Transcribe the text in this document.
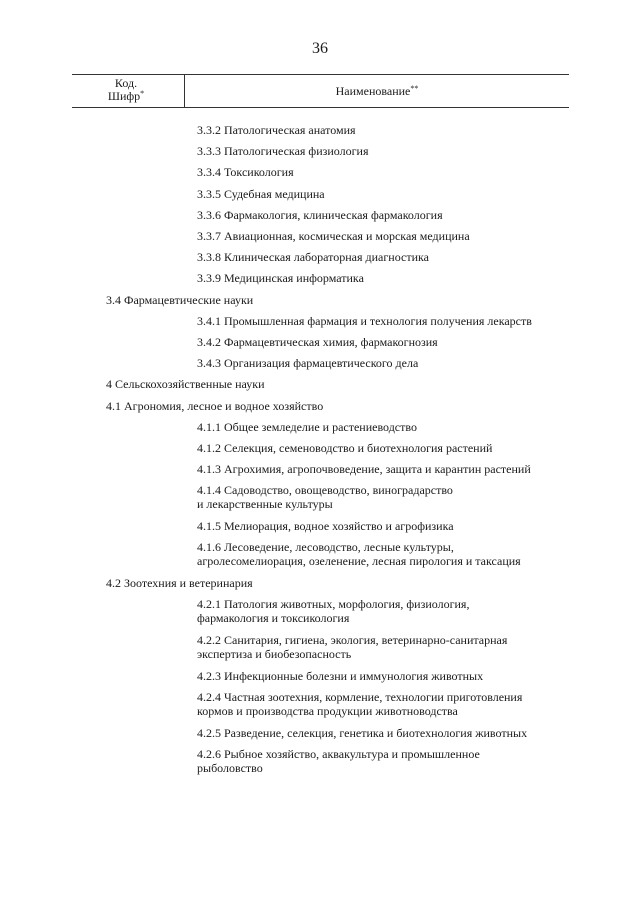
36
Код.
Шифр*	Наименование**
3.3.2 Патологическая анатомия
3.3.3 Патологическая физиология
3.3.4 Токсикология
3.3.5 Судебная медицина
3.3.6 Фармакология, клиническая фармакология
3.3.7 Авиационная, космическая и морская медицина
3.3.8 Клиническая лабораторная диагностика
3.3.9 Медицинская информатика
3.4 Фармацевтические науки
3.4.1 Промышленная фармация и технология получения лекарств
3.4.2 Фармацевтическая химия, фармакогнозия
3.4.3 Организация фармацевтического дела
4 Сельскохозяйственные науки
4.1 Агрономия, лесное и водное хозяйство
4.1.1 Общее земледелие и растениеводство
4.1.2 Селекция, семеноводство и биотехнология растений
4.1.3 Агрохимия, агропочвоведение, защита и карантин растений
4.1.4 Садоводство, овощеводство, виноградарство
и лекарственные культуры
4.1.5 Мелиорация, водное хозяйство и агрофизика
4.1.6 Лесоведение, лесоводство, лесные культуры,
агролесомелиорация, озеленение, лесная пирология и таксация
4.2 Зоотехния и ветеринария
4.2.1 Патология животных, морфология, физиология,
фармакология и токсикология
4.2.2 Санитария, гигиена, экология, ветеринарно-санитарная
экспертиза и биобезопасность
4.2.3 Инфекционные болезни и иммунология животных
4.2.4 Частная зоотехния, кормление, технологии приготовления
кормов и производства продукции животноводства
4.2.5 Разведение, селекция, генетика и биотехнология животных
4.2.6 Рыбное хозяйство, аквакультура и промышленное
рыболовство
